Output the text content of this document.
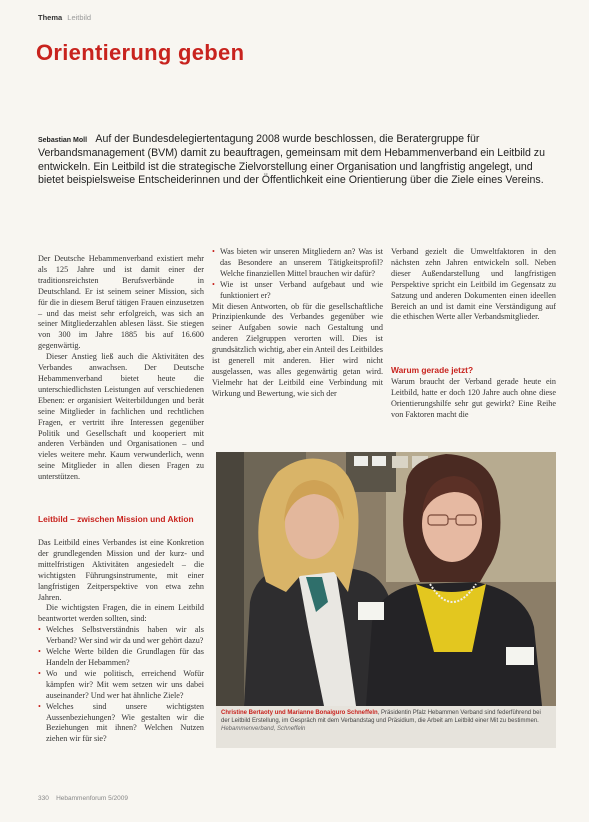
Thema Leitbild
Orientierung geben
Sebastian Moll Auf der Bundesdelegiertentagung 2008 wurde beschlossen, die Beratergruppe für Verbandsmanagement (BVM) damit zu beauftragen, gemeinsam mit dem Hebammenverband ein Leitbild zu entwickeln. Ein Leitbild ist die strategische Zielvorstellung einer Organisation und langfristig angelegt, und bietet beispielsweise Entscheiderinnen und der Öffentlichkeit eine Orientierung über die Ziele eines Vereins.

Der Deutsche Hebammenverband existiert mehr als 125 Jahre und ist damit einer der traditionsreichsten Berufsverbände in Deutschland. Er ist seinem seiner Mission, sich für die in diesem Beruf tätigen Frauen einzusetzen – und das meist sehr erfolgreich, was sich an seiner Mitgliederzahlen ablesen lässt. Sie stiegen von 300 im Jahre 1885 bis auf 16.600 gegenwärtig.

Dieser Anstieg ließ auch die Aktivitäten des Verbandes anwachsen. Der Deutsche Hebammenverband bietet heute die unterschiedlichsten Leistungen auf verschiedenen Ebenen: er organisiert Weiterbildungen und berät seine Mitglieder in fachlichen und rechtlichen Fragen, er vertritt ihre Interessen gegenüber Politik und Gesellschaft und kooperiert mit anderen Verbänden und Organisationen – und vieles weitere mehr. Kaum verwunderlich, wenn seine Mitglieder in allen diesen Fragen zu unterstützen.

Leitbild – zwischen Mission und Aktion

Das Leitbild eines Verbandes ist eine Konkretion der grundlegenden Mission und der kurz- und mittelfristigen Aktivitäten angesiedelt – die wichtigsten Führungsinstrumente, mit einer langfristigen Zeitperspektive von etwa zehn Jahren.

Die wichtigsten Fragen, die in einem Leitbild beantwortet werden sollten, sind:

• Welches Selbstverständnis haben wir als Verband? Wer sind wir da und wer gehört dazu?
• Welche Werte bilden die Grundlagen für das Handeln der Hebammen?
• Wo und wie politisch, erreichend Wofür kämpfen wir? Mit wem setzen wir uns dabei auseinander? Und wer hat ähnliche Ziele?
• Welches sind unsere wichtigsten Aussenbeziehungen? Wie gestalten wir die Beziehungen mit ihnen? Welchen Nutzen ziehen wir für sie?
• Was bieten wir unseren Mitgliedern an? Was ist das Besondere an unserem Tätigkeitsprofil? Welche finanziellen Mittel brauchen wir dafür?
• Wie ist unser Verband aufgebaut und wie funktioniert er?

Mit diesen Antworten, ob für die gesellschaftliche Prinzipienkunde des Verbandes gegenüber wie seiner Aufgaben sowie nach Gestaltung und anderen Zielgruppen verorten will. Dies ist grundsätzlich wichtig, aber ein Anteil des Leitbildes ist generell mit anderen. Hier wird nicht ausgelassen, was alles gegenwärtig getan wird. Vielmehr hat der Leitbild eine Verbindung mit Wirkung und Bewertung, wie sich der

Verband gezielt die Umweltfaktoren in den nächsten zehn Jahren entwickeln soll. Neben dieser Außendarstellung und langfristigen Perspektive spricht ein Leitbild im Gegensatz zu Satzung und anderen Dokumenten einen ideellen Bereich an und ist damit eine Verständigung auf die ethischen Werte aller Verbandsmitglieder.

Warum gerade jetzt?

Warum braucht der Verband gerade heute ein Leitbild, hatte er doch 120 Jahre auch ohne diese Orientierungshilfe sehr gut gewirkt? Eine Reihe von Faktoren macht die

Christine Bertaoty und Marianne Bonaiguro Schneffeln, Präsidentin Pfalz Hebammen Verband sind federführend bei der Leitbild Erstellung, im Gespräch mit dem Verbandstag und Präsidium, die Arbeit am Leitbild einer Mit zu bestimmen. Hebammenverband, Schneffeln
330 Hebammenforum 5/2009
